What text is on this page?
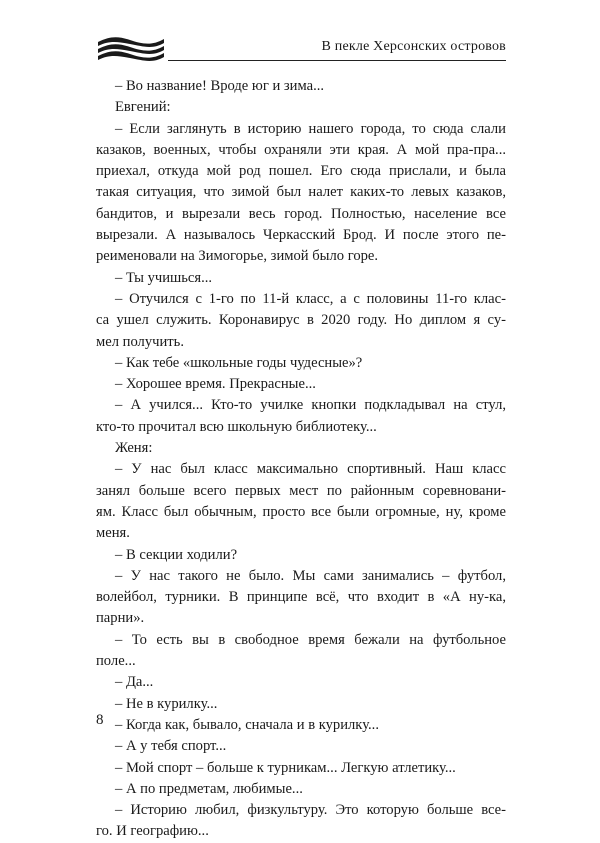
В пекле Херсонских островов
– Во название! Вроде юг и зима...
Евгений:
– Если заглянуть в историю нашего города, то сюда слали
казаков, военных, чтобы охраняли эти края. А мой пра-пра...
приехал, откуда мой род пошел. Его сюда прислали, и была
такая ситуация, что зимой был налет каких-то левых казаков,
бандитов, и вырезали весь город. Полностью, население все
вырезали. А называлось Черкасский Брод. И после этого пе-
реименовали на Зимогорье, зимой было горе.
– Ты учишься...
– Отучился с 1-го по 11-й класс, а с половины 11-го клас-
са ушел служить. Коронавирус в 2020 году. Но диплом я су-
мел получить.
– Как тебе «школьные годы чудесные»?
– Хорошее время. Прекрасные...
– А учился... Кто-то училке кнопки подкладывал на стул,
кто-то прочитал всю школьную библиотеку...
Женя:
– У нас был класс максимально спортивный. Наш класс
занял больше всего первых мест по районным соревновани-
ям. Класс был обычным, просто все были огромные, ну, кроме
меня.
– В секции ходили?
– У нас такого не было. Мы сами занимались – футбол,
волейбол, турники. В принципе всё, что входит в «А ну-ка,
парни».
– То есть вы в свободное время бежали на футбольное
поле...
– Да...
– Не в курилку...
– Когда как, бывало, сначала и в курилку...
– А у тебя спорт...
– Мой спорт – больше к турникам... Легкую атлетику...
– А по предметам, любимые...
– Историю любил, физкультуру. Это которую больше все-
го. И географию...
8
